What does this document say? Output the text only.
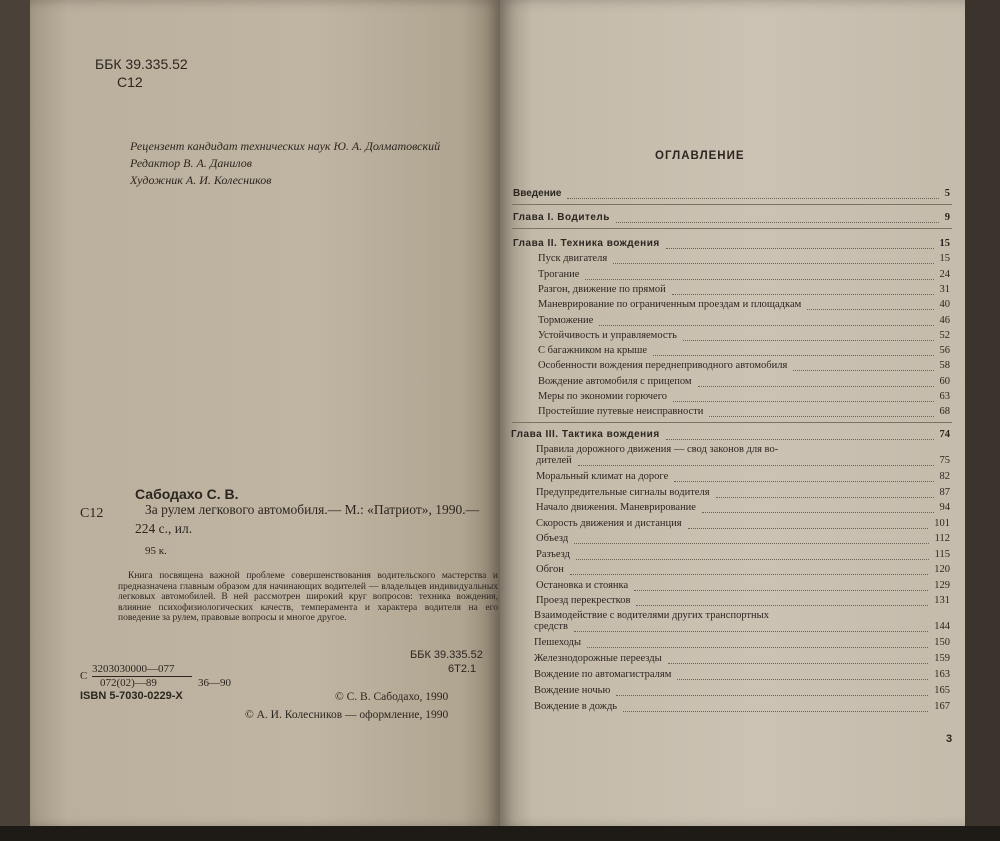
ББК 39.335.52
С12
Рецензент кандидат технических наук Ю. А. Долматовский
Редактор В. А. Данилов
Художник А. И. Колесников
Сабодахо С. В.
С12	За рулем легкового автомобиля.— М.: «Патриот», 1990.— 224 с., ил.
95 к.
Книга посвящена важной проблеме совершенствования водительского мастерства и предназначена главным образом для начинающих водителей — владельцев индивидуальных легковых автомобилей. В ней рассмотрен широкий круг вопросов: техника вождения, влияние психофизиологических качеств, темперамента и характера водителя на его поведение за рулем, правовые вопросы и многое другое.
С
3203030000—077
072(02)—89	36—90
ББК 39.335.52
6Т2.1
ISBN 5-7030-0229-X	© С. В. Сабодахо, 1990
© А. И. Колесников — оформление, 1990
ОГЛАВЛЕНИЕ
Введение	5
Глава I. Водитель	9
Глава II. Техника вождения	15
Пуск двигателя	15
Трогание	24
Разгон, движение по прямой	31
Маневрирование по ограниченным проездам и площадкам	40
Торможение	46
Устойчивость и управляемость	52
С багажником на крыше	56
Особенности вождения переднеприводного автомобиля	58
Вождение автомобиля с прицепом	60
Меры по экономии горючего	63
Простейшие путевые неисправности	68
Глава III. Тактика вождения	74
Правила дорожного движения — свод законов для во-
дителей	75
Моральный климат на дороге	82
Предупредительные сигналы водителя	87
Начало движения. Маневрирование	94
Скорость движения и дистанция	101
Объезд	112
Разъезд	115
Обгон	120
Остановка и стоянка	129
Проезд перекрестков	131
Взаимодействие с водителями других транспортных
средств	144
Пешеходы	150
Железнодорожные переезды	159
Вождение по автомагистралям	163
Вождение ночью	165
Вождение в дождь	167
3
